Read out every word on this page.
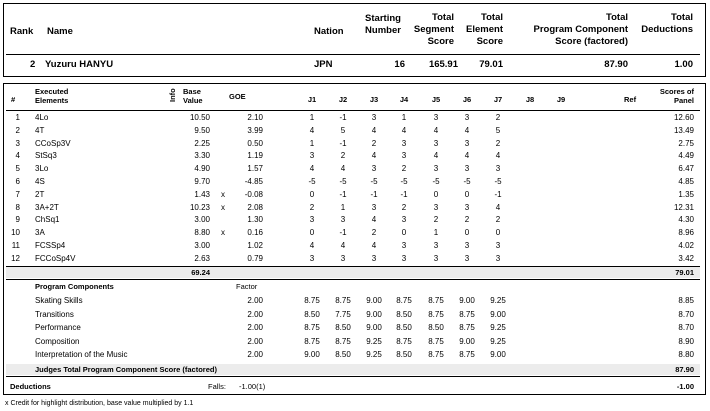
Rank Name	Nation
Starting
Number
Total
Segment
Score
Total
Element
Score
Total
Program Component
Score (factored)
Total
Deductions
2 Yuzuru HANYU	JPN	16	165.91	79.01	87.90	1.00
#
Executed
Elements	Info Base
Value	GOE	J1	J2	J3	J4	J5	J6	J7	J8	J9	Ref
Scores of
Panel
1 4Lo	10.50	2.10	1	-1	3	1	3	3	2	12.60
2 4T	9.50	3.99	4	5	4	4	4	4	5	13.49
3 CCoSp3V	2.25	0.50	1	-1	2	3	3	3	2	2.75
4 StSq3	3.30	1.19	3	2	4	3	4	4	4	4.49
5 3Lo	4.90	1.57	4	4	3	2	3	3	3	6.47
6 4S	9.70	-4.85	-5	-5	-5	-5	-5	-5	-5	4.85
7 2T	1.43 x	-0.08	0	-1	-1	-1	0	0	-1	1.35
8 3A+2T	10.23 x	2.08	2	1	3	2	3	3	4	12.31
9 ChSq1	3.00	1.30	3	3	4	3	2	2	2	4.30
10 3A	8.80 x	0.16	0	-1	2	0	1	0	0	8.96
11 FCSSp4	3.00	1.02	4	4	4	3	3	3	3	4.02
12 FCCoSp4V	2.63	0.79	3	3	3	3	3	3	3	3.42
69.24	79.01
Program Components	Factor
Skating Skills	2.00	8.75	8.75	9.00	8.75	8.75	9.00	9.25	8.85
Transitions	2.00	8.50	7.75	9.00	8.50	8.75	8.75	9.00	8.70
Performance	2.00	8.75	8.50	9.00	8.50	8.50	8.75	9.25	8.70
Composition	2.00	8.75	8.75	9.25	8.75	8.75	9.00	9.25	8.90
Interpretation of the Music	2.00	9.00	8.50	9.25	8.50	8.75	8.75	9.00	8.80
Judges Total Program Component Score (factored)	87.90
Deductions	Falls: -1.00(1)	-1.00
x Credit for highlight distribution, base value multiplied by 1.1
